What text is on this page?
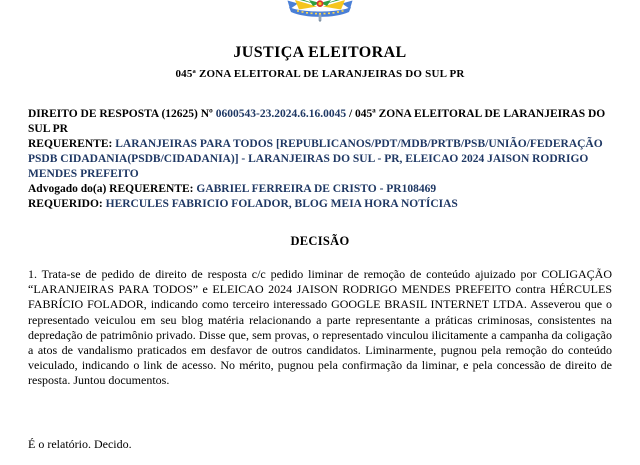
JUSTIÇA ELEITORAL
045ª ZONA ELEITORAL DE LARANJEIRAS DO SUL PR

DIREITO DE RESPOSTA (12625) Nº 0600543-23.2024.6.16.0045 / 045ª ZONA ELEITORAL DE LARANJEIRAS DO SUL PR

REQUERENTE: LARANJEIRAS PARA TODOS [REPUBLICANOS/PDT/MDB/PRTB/PSB/UNIÃO/FEDERAÇÃO PSDB CIDADANIA(PSDB/CIDADANIA)] - LARANJEIRAS DO SUL - PR, ELEICAO 2024 JAISON RODRIGO MENDES PREFEITO

Advogado do(a) REQUERENTE: GABRIEL FERREIRA DE CRISTO - PR108469

REQUERIDO: HERCULES FABRICIO FOLADOR, BLOG MEIA HORA NOTÍCIAS

DECISÃO

1. Trata-se de pedido de direito de resposta c/c pedido liminar de remoção de conteúdo ajuizado por COLIGAÇÃO “LARANJEIRAS PARA TODOS” e ELEICAO 2024 JAISON RODRIGO MENDES PREFEITO contra HÉRCULES FABRÍCIO FOLADOR, indicando como terceiro interessado GOOGLE BRASIL INTERNET LTDA. Asseverou que o representado veiculou em seu blog matéria relacionando a parte representante a práticas criminosas, consistentes na depredação de patrimônio privado. Disse que, sem provas, o representado vinculou ilicitamente a campanha da coligação a atos de vandalismo praticados em desfavor de outros candidatos. Liminarmente, pugnou pela remoção do conteúdo veiculado, indicando o link de acesso. No mérito, pugnou pela confirmação da liminar, e pela concessão de direito de resposta. Juntou documentos.

É o relatório. Decido.
